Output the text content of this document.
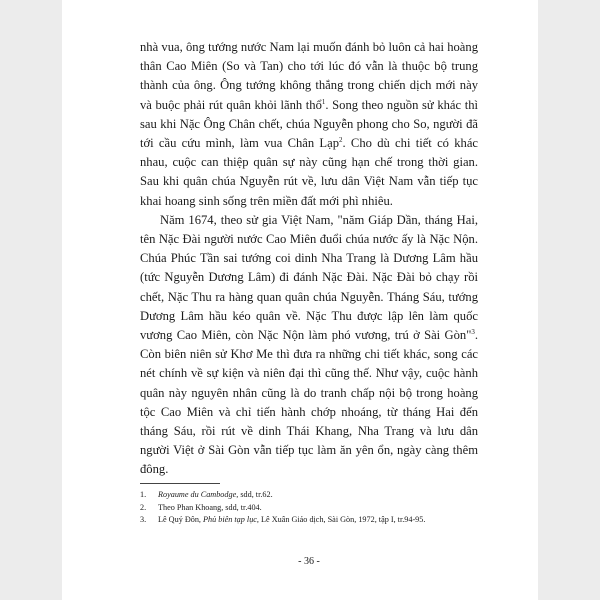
nhà vua, ông tướng nước Nam lại muốn đánh bỏ luôn cả hai hoàng thân Cao Miên (So và Tan) cho tới lúc đó vẫn là thuộc bộ trung thành của ông. Ông tướng không thắng trong chiến dịch mới này và buộc phải rút quân khỏi lãnh thổ$^1$. Song theo nguồn sử khác thì sau khi Nặc Ông Chân chết, chúa Nguyễn phong cho So, người đã tới cầu cứu mình, làm vua Chân Lạp$^2$. Cho dù chi tiết có khác nhau, cuộc can thiệp quân sự này cũng hạn chế trong thời gian. Sau khi quân chúa Nguyễn rút về, lưu dân Việt Nam vẫn tiếp tục khai hoang sinh sống trên miền đất mới phì nhiêu.

Năm 1674, theo sử gia Việt Nam, "năm Giáp Dần, tháng Hai, tên Nặc Đài người nước Cao Miên đuổi chúa nước ấy là Nặc Nộn. Chúa Phúc Tần sai tướng coi dinh Nha Trang là Dương Lâm hầu (tức Nguyễn Dương Lâm) đi đánh Nặc Đài. Nặc Đài bỏ chạy rồi chết, Nặc Thu ra hàng quan quân chúa Nguyễn. Tháng Sáu, tướng Dương Lâm hầu kéo quân về. Nặc Thu được lập lên làm quốc vương Cao Miên, còn Nặc Nộn làm phó vương, trú ở Sài Gòn"$^3$. Còn biên niên sử Khơ Me thì đưa ra những chi tiết khác, song các nét chính về sự kiện và niên đại thì cũng thế. Như vậy, cuộc hành quân này nguyên nhân cũng là do tranh chấp nội bộ trong hoàng tộc Cao Miên và chỉ tiến hành chớp nhoáng, từ tháng Hai đến tháng Sáu, rồi rút về dinh Thái Khang, Nha Trang và lưu dân người Việt ở Sài Gòn vẫn tiếp tục làm ăn yên ổn, ngày càng thêm đông.

1.	Royaume du Cambodge, sdd, tr.62.
2.	Theo Phan Khoang, sdd, tr.404.
3.	Lê Quý Đôn, Phủ biên tạp lục, Lê Xuân Giáo dịch, Sài Gòn, 1972, tập I, tr.94-95.
- 36 -
